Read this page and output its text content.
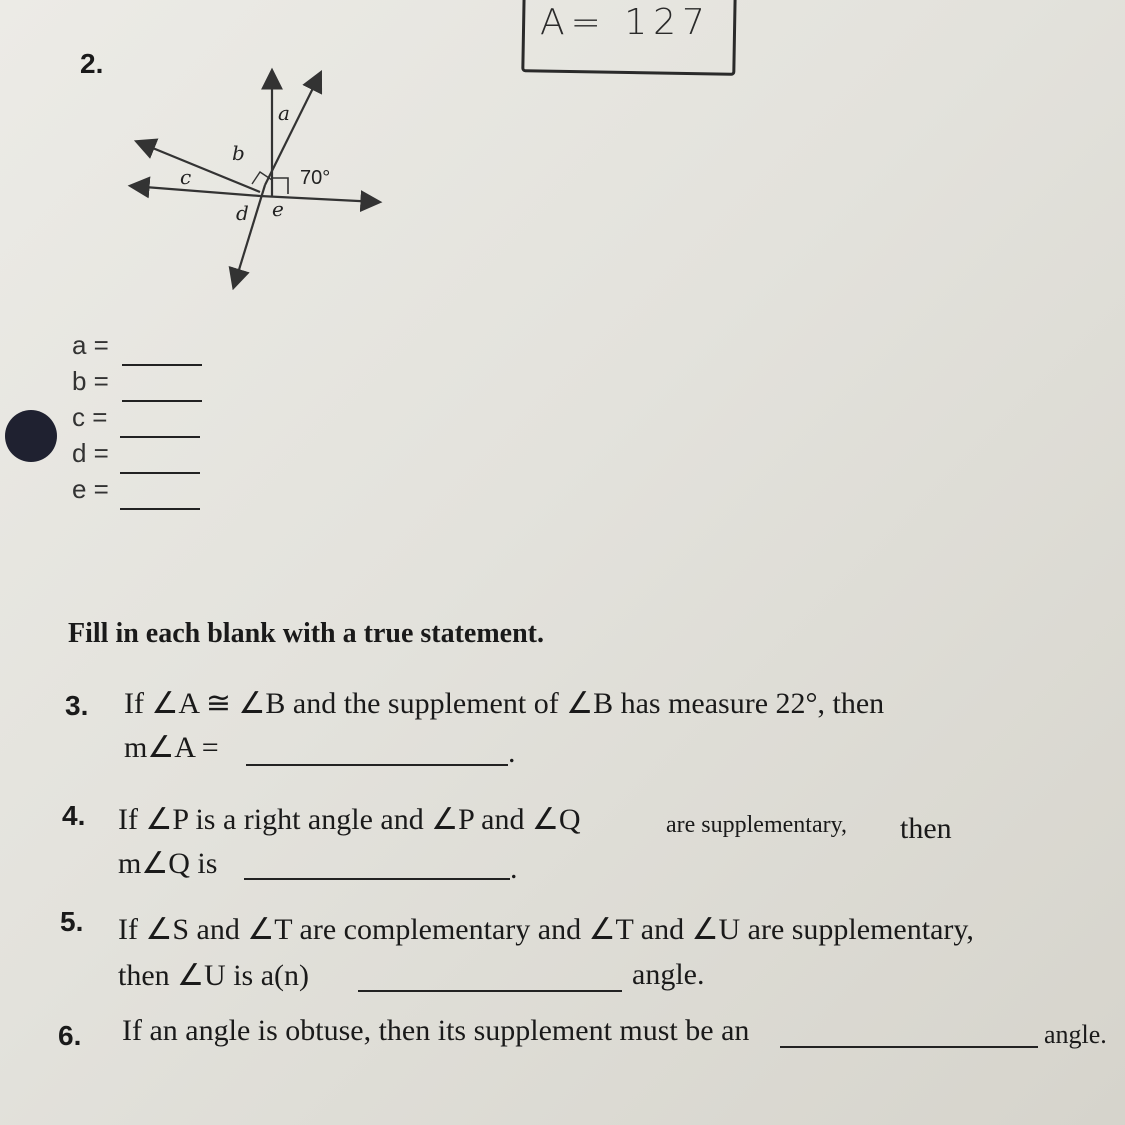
A= 127
2.
a
b
c
d e
70°
a =
b =
c =
d =
e =
Fill in each blank with a true statement.
3. If ∠A ≅ ∠B and the supplement of ∠B has measure 22°, then
m∠A =	.
4. If ∠P is a right angle and ∠P and ∠Q	are supplementary, then
m∠Q is	.
5. If ∠S and ∠T are complementary and ∠T and ∠U are supplementary,
then ∠U is a(n)	angle.
6. If an angle is obtuse, then its supplement must be an	angle.
